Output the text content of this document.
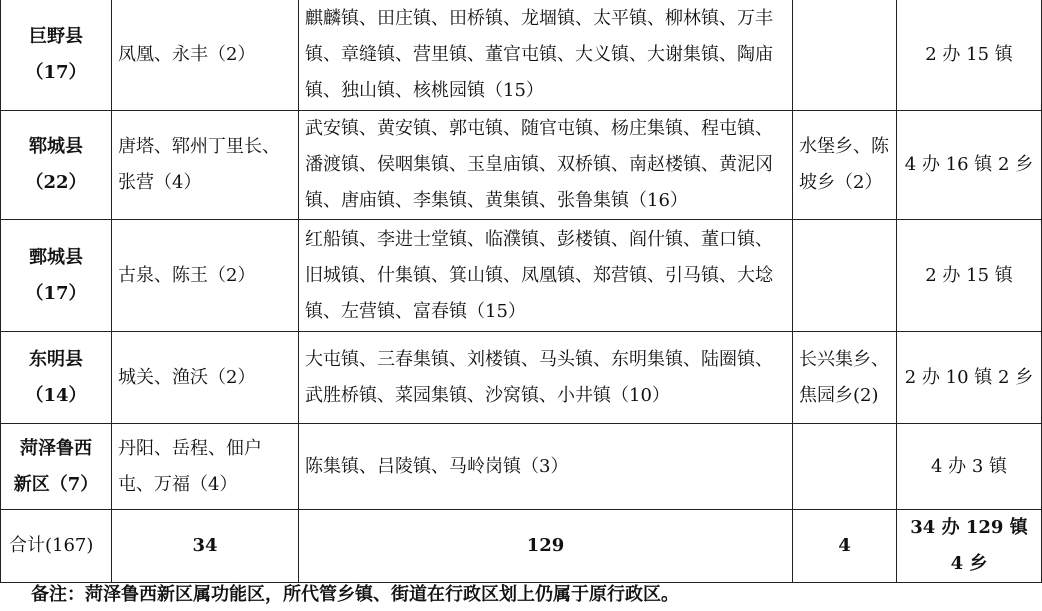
巨野县
（17）	凤凰、永丰（2）	麒麟镇、田庄镇、田桥镇、龙堌镇、太平镇、柳林镇、万丰镇、章缝镇、营里镇、董官屯镇、大义镇、大谢集镇、陶庙镇、独山镇、核桃园镇（15）		2 办 15 镇

郓城县
（22）	唐塔、郓州丁里长、张营（4）	武安镇、黄安镇、郭屯镇、随官屯镇、杨庄集镇、程屯镇、潘渡镇、侯咽集镇、玉皇庙镇、双桥镇、南赵楼镇、黄泥冈镇、唐庙镇、李集镇、黄集镇、张鲁集镇（16）	水堡乡、陈坡乡（2）	4 办 16 镇 2 乡

鄄城县
（17）	古泉、陈王（2）	红船镇、李进士堂镇、临濮镇、彭楼镇、阎什镇、董口镇、旧城镇、什集镇、箕山镇、凤凰镇、郑营镇、引马镇、大埝镇、左营镇、富春镇（15）		2 办 15 镇

东明县
（14）	城关、渔沃（2）	大屯镇、三春集镇、刘楼镇、马头镇、东明集镇、陆圈镇、武胜桥镇、菜园集镇、沙窝镇、小井镇（10）	长兴集乡、焦园乡(2)	2 办 10 镇 2 乡

菏泽鲁西
新区（7）	丹阳、岳程、佃户屯、万福（4）	陈集镇、吕陵镇、马岭岗镇（3）		4 办 3 镇
合计(167)	34	129	4	34 办 129 镇
4 乡
备注：菏泽鲁西新区属功能区，所代管乡镇、街道在行政区划上仍属于原行政区。
